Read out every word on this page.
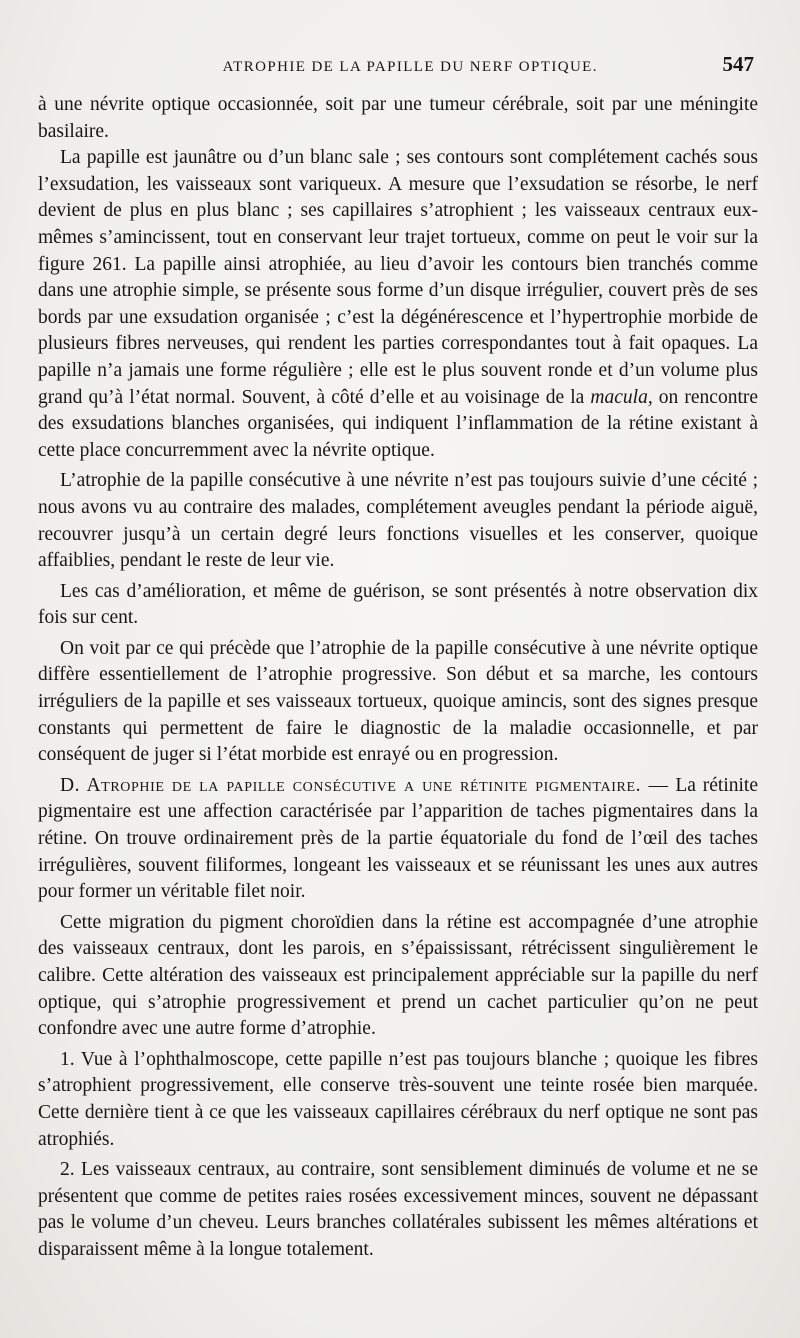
ATROPHIE DE LA PAPILLE DU NERF OPTIQUE.	547

à une névrite optique occasionnée, soit par une tumeur cérébrale, soit par une méningite basilaire.

La papille est jaunâtre ou d’un blanc sale ; ses contours sont complétement cachés sous l’exsudation, les vaisseaux sont variqueux. A mesure que l’exsudation se résorbe, le nerf devient de plus en plus blanc ; ses capillaires s’atrophient ; les vaisseaux centraux eux-mêmes s’amincissent, tout en conservant leur trajet tortueux, comme on peut le voir sur la figure 261. La papille ainsi atrophiée, au lieu d’avoir les contours bien tranchés comme dans une atrophie simple, se présente sous forme d’un disque irrégulier, couvert près de ses bords par une exsudation organisée ; c’est la dégénérescence et l’hypertrophie morbide de plusieurs fibres nerveuses, qui rendent les parties correspondantes tout à fait opaques. La papille n’a jamais une forme régulière ; elle est le plus souvent ronde et d’un volume plus grand qu’à l’état normal. Souvent, à côté d’elle et au voisinage de la macula, on rencontre des exsudations blanches organisées, qui indiquent l’inflammation de la rétine existant à cette place concurremment avec la névrite optique.

L’atrophie de la papille consécutive à une névrite n’est pas toujours suivie d’une cécité ; nous avons vu au contraire des malades, complétement aveugles pendant la période aiguë, recouvrer jusqu’à un certain degré leurs fonctions visuelles et les conserver, quoique affaiblies, pendant le reste de leur vie.

Les cas d’amélioration, et même de guérison, se sont présentés à notre observation dix fois sur cent.

On voit par ce qui précède que l’atrophie de la papille consécutive à une névrite optique diffère essentiellement de l’atrophie progressive. Son début et sa marche, les contours irréguliers de la papille et ses vaisseaux tortueux, quoique amincis, sont des signes presque constants qui permettent de faire le diagnostic de la maladie occasionnelle, et par conséquent de juger si l’état morbide est enrayé ou en progression.

D. Atrophie de la papille consécutive a une rétinite pigmentaire. — La rétinite pigmentaire est une affection caractérisée par l’apparition de taches pigmentaires dans la rétine. On trouve ordinairement près de la partie équatoriale du fond de l’œil des taches irrégulières, souvent filiformes, longeant les vaisseaux et se réunissant les unes aux autres pour former un véritable filet noir.

Cette migration du pigment choroïdien dans la rétine est accompagnée d’une atrophie des vaisseaux centraux, dont les parois, en s’épaississant, rétrécissent singulièrement le calibre. Cette altération des vaisseaux est principalement appréciable sur la papille du nerf optique, qui s’atrophie progressivement et prend un cachet particulier qu’on ne peut confondre avec une autre forme d’atrophie.

1. Vue à l’ophthalmoscope, cette papille n’est pas toujours blanche ; quoique les fibres s’atrophient progressivement, elle conserve très-souvent une teinte rosée bien marquée. Cette dernière tient à ce que les vaisseaux capillaires cérébraux du nerf optique ne sont pas atrophiés.

2. Les vaisseaux centraux, au contraire, sont sensiblement diminués de volume et ne se présentent que comme de petites raies rosées excessivement minces, souvent ne dépassant pas le volume d’un cheveu. Leurs branches collatérales subissent les mêmes altérations et disparaissent même à la longue totalement.
